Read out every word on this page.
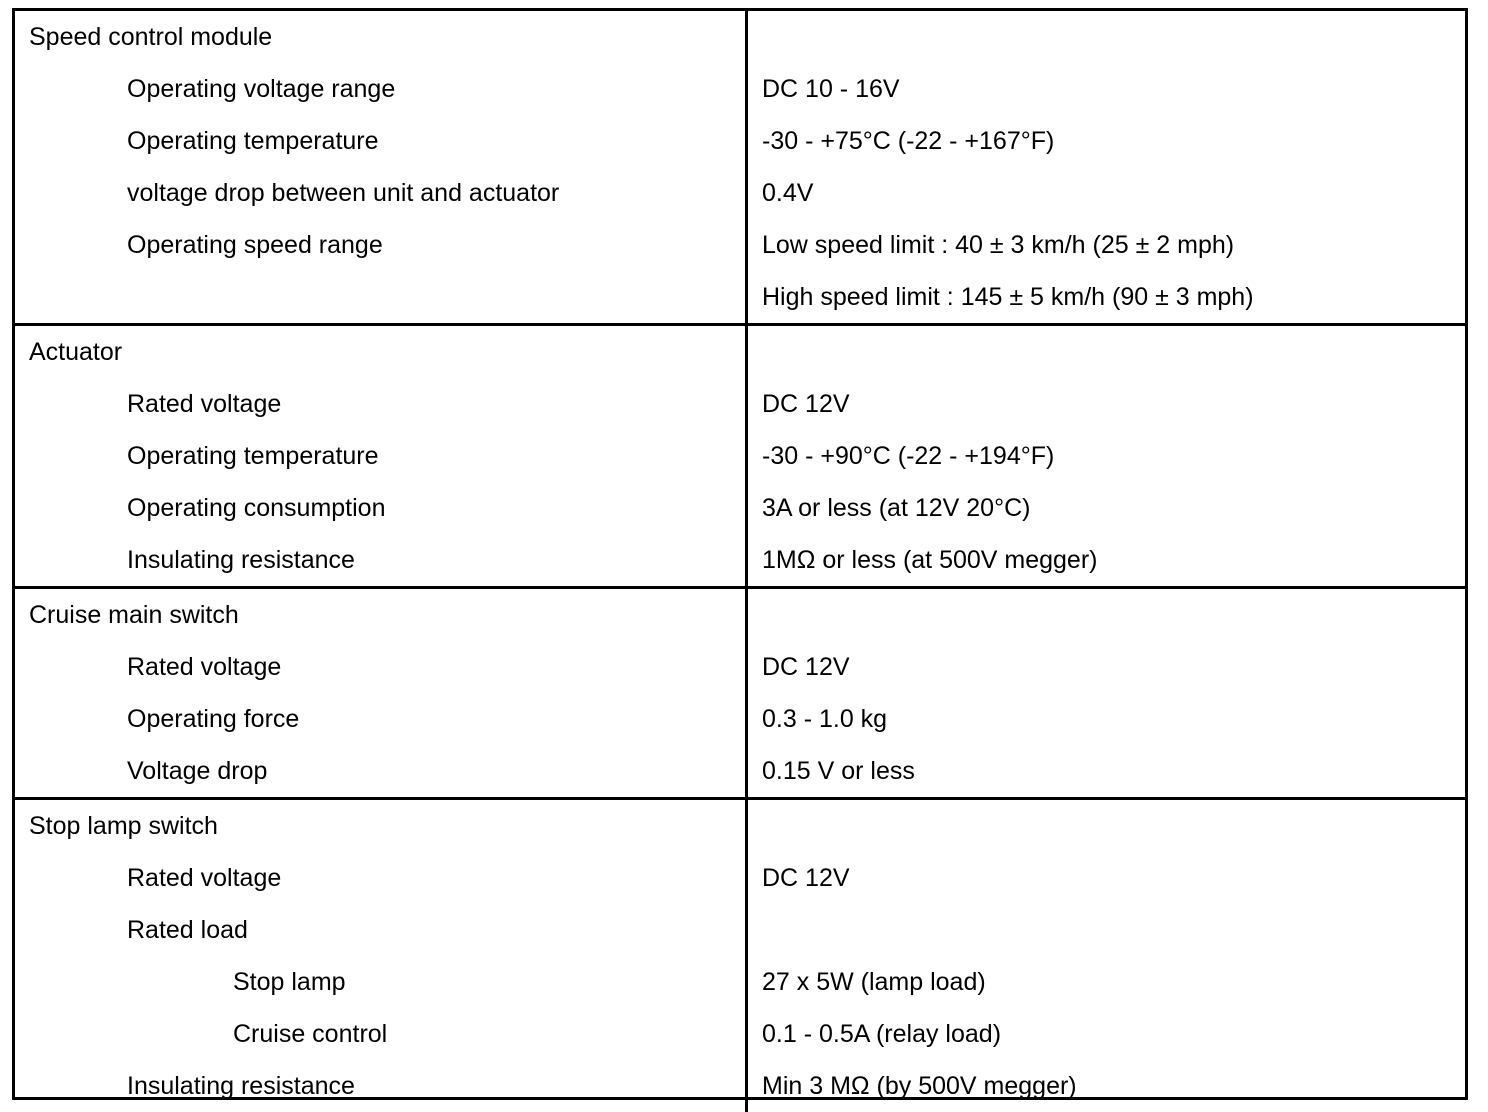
Speed control module
Operating voltage range
Operating temperature
voltage drop between unit and actuator
Operating speed range
DC 10 - 16V
-30 - +75°C (-22 - +167°F)
0.4V
Low speed limit : 40 ± 3 km/h (25 ± 2 mph)
High speed limit : 145 ± 5 km/h (90 ± 3 mph)
Actuator
Rated voltage
Operating temperature
Operating consumption
Insulating resistance
DC 12V
-30 - +90°C (-22 - +194°F)
3A or less (at 12V 20°C)
1MΩ or less (at 500V megger)
Cruise main switch
Rated voltage
Operating force
Voltage drop
DC 12V
0.3 - 1.0 kg
0.15 V or less
Stop lamp switch
Rated voltage
Rated load
Stop lamp
Cruise control
Insulating resistance
DC 12V
27 x 5W (lamp load)
0.1 - 0.5A (relay load)
Min 3 MΩ (by 500V megger)
